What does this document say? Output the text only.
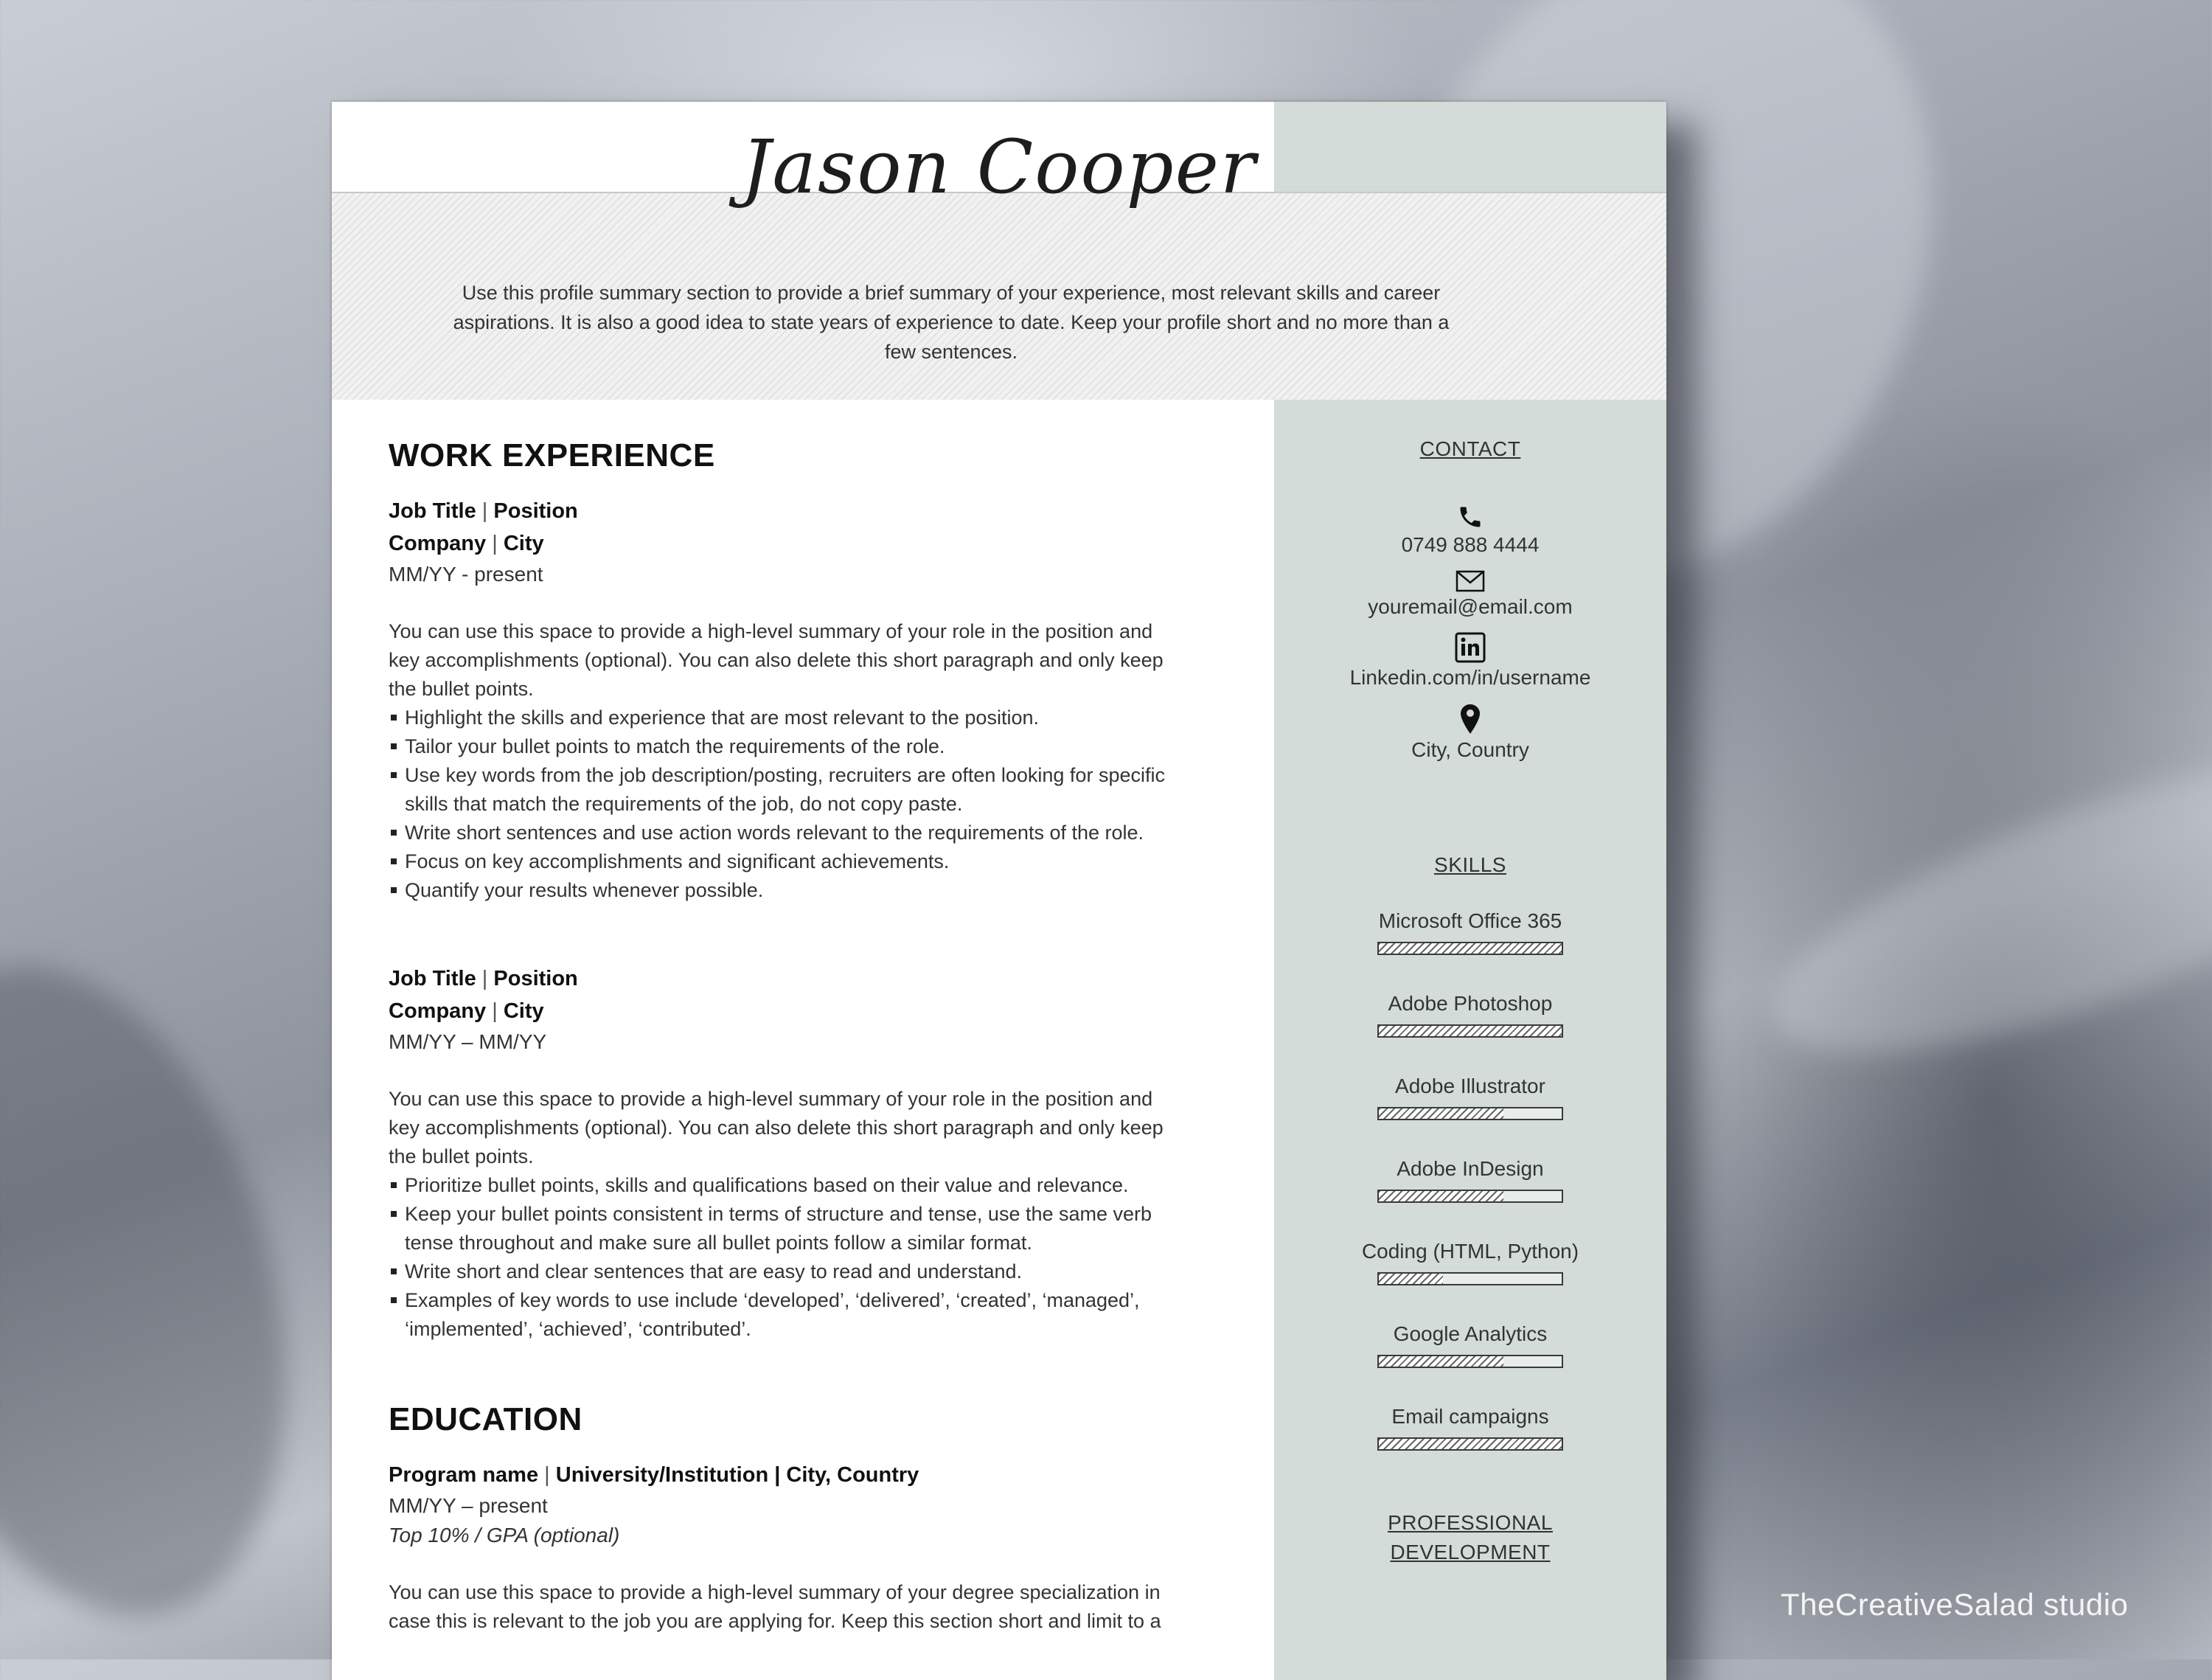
Use this profile summary section to provide a brief summary of your experience, most relevant skills and career aspirations. It is also a good idea to state years of experience to date. Keep your profile short and no more than a few sentences.
Jason Cooper
WORK EXPERIENCE
Job Title | Position
Company | City
MM/YY - present
You can use this space to provide a high-level summary of your role in the position and key accomplishments (optional). You can also delete this short paragraph and only keep the bullet points.
Highlight the skills and experience that are most relevant to the position.
Tailor your bullet points to match the requirements of the role.
Use key words from the job description/posting, recruiters are often looking for specific skills that match the requirements of the job, do not copy paste.
Write short sentences and use action words relevant to the requirements of the role.
Focus on key accomplishments and significant achievements.
Quantify your results whenever possible.
Job Title | Position
Company | City
MM/YY – MM/YY
You can use this space to provide a high-level summary of your role in the position and key accomplishments (optional). You can also delete this short paragraph and only keep the bullet points.
Prioritize bullet points, skills and qualifications based on their value and relevance.
Keep your bullet points consistent in terms of structure and tense, use the same verb tense throughout and make sure all bullet points follow a similar format.
Write short and clear sentences that are easy to read and understand.
Examples of key words to use include ‘developed’, ‘delivered’, ‘created’, ‘managed’, ‘implemented’, ‘achieved’, ‘contributed’.
EDUCATION
Program name | University/Institution | City, Country
MM/YY – present
Top 10% / GPA (optional)
You can use this space to provide a high-level summary of your degree specialization in case this is relevant to the job you are applying for. Keep this section short and limit to a
CONTACT
0749 888 4444
youremail@email.com
Linkedin.com/in/username
City, Country
SKILLS
Microsoft Office 365
Adobe Photoshop
Adobe Illustrator
Adobe InDesign
Coding (HTML, Python)
Google Analytics
Email campaigns
PROFESSIONAL
DEVELOPMENT
TheCreativeSalad studio
